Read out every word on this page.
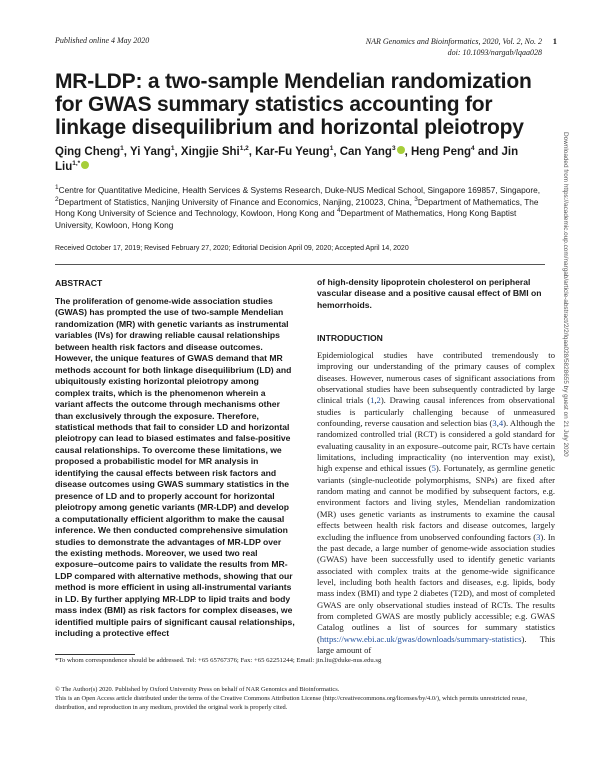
Published online 4 May 2020	NAR Genomics and Bioinformatics, 2020, Vol. 2, No. 2
doi: 10.1093/nargab/lqaa028
1
MR-LDP: a two-sample Mendelian randomization for GWAS summary statistics accounting for linkage disequilibrium and horizontal pleiotropy
Qing Cheng$^1$, Yi Yang$^1$, Xingjie Shi$^{1,2}$, Kar-Fu Yeung$^1$, Can Yang$^3$ , Heng Peng$^4$ and Jin Liu$^{1,*}$
$^1$Centre for Quantitative Medicine, Health Services & Systems Research, Duke-NUS Medical School, Singapore 169857, Singapore, $^2$Department of Statistics, Nanjing University of Finance and Economics, Nanjing, 210023, China, $^3$Department of Mathematics, The Hong Kong University of Science and Technology, Kowloon, Hong Kong and $^4$Department of Mathematics, Hong Kong Baptist University, Kowloon, Hong Kong
Received October 17, 2019; Revised February 27, 2020; Editorial Decision April 09, 2020; Accepted April 14, 2020
ABSTRACT
The proliferation of genome-wide association studies (GWAS) has prompted the use of two-sample Mendelian randomization (MR) with genetic variants as instrumental variables (IVs) for drawing reliable causal relationships between health risk factors and disease outcomes. However, the unique features of GWAS demand that MR methods account for both linkage disequilibrium (LD) and ubiquitously existing horizontal pleiotropy among complex traits, which is the phenomenon wherein a variant affects the outcome through mechanisms other than exclusively through the exposure. Therefore, statistical methods that fail to consider LD and horizontal pleiotropy can lead to biased estimates and false-positive causal relationships. To overcome these limitations, we proposed a probabilistic model for MR analysis in identifying the causal effects between risk factors and disease outcomes using GWAS summary statistics in the presence of LD and to properly account for horizontal pleiotropy among genetic variants (MR-LDP) and develop a computationally efficient algorithm to make the causal inference. We then conducted comprehensive simulation studies to demonstrate the advantages of MR-LDP over the existing methods. Moreover, we used two real exposure–outcome pairs to validate the results from MR-LDP compared with alternative methods, showing that our method is more efficient in using all-instrumental variants in LD. By further applying MR-LDP to lipid traits and body mass index (BMI) as risk factors for complex diseases, we identified multiple pairs of significant causal relationships, including a protective effect
of high-density lipoprotein cholesterol on peripheral vascular disease and a positive causal effect of BMI on hemorrhoids.
INTRODUCTION
Epidemiological studies have contributed tremendously to improving our understanding of the primary causes of complex diseases. However, numerous cases of significant associations from observational studies have been subsequently contradicted by large clinical trials (1,2). Drawing causal inferences from observational studies is particularly challenging because of unmeasured confounding, reverse causation and selection bias (3,4). Although the randomized controlled trial (RCT) is considered a gold standard for evaluating causality in an exposure–outcome pair, RCTs have certain limitations, including impracticality (no intervention may exist), high expense and ethical issues (5). Fortunately, as germline genetic variants (single-nucleotide polymorphisms, SNPs) are fixed after random mating and cannot be modified by subsequent factors, e.g. environment factors and living styles, Mendelian randomization (MR) uses genetic variants as instruments to examine the causal effects between health risk factors and disease outcomes, largely excluding the influence from unobserved confounding factors (3). In the past decade, a large number of genome-wide association studies (GWAS) have been successfully used to identify genetic variants associated with complex traits at the genome-wide significance level, including both health factors and diseases, e.g. lipids, body mass index (BMI) and type 2 diabetes (T2D), and most of completed GWAS are only observational studies instead of RCTs. The results from completed GWAS are mostly publicly accessible; e.g. GWAS Catalog outlines a list of sources for summary statistics (https://www.ebi.ac.uk/gwas/downloads/summary-statistics). This large amount of
*To whom correspondence should be addressed. Tel: +65 65767376; Fax: +65 62251244; Email: jin.liu@duke-nus.edu.sg
© The Author(s) 2020. Published by Oxford University Press on behalf of NAR Genomics and Bioinformatics.
This is an Open Access article distributed under the terms of the Creative Commons Attribution License (http://creativecommons.org/licenses/by/4.0/), which permits unrestricted reuse, distribution, and reproduction in any medium, provided the original work is properly cited.
Downloaded from https://academic.oup.com/nargab/article-abstract/2/2/lqaa028/5828655 by guest on 21 July 2020
